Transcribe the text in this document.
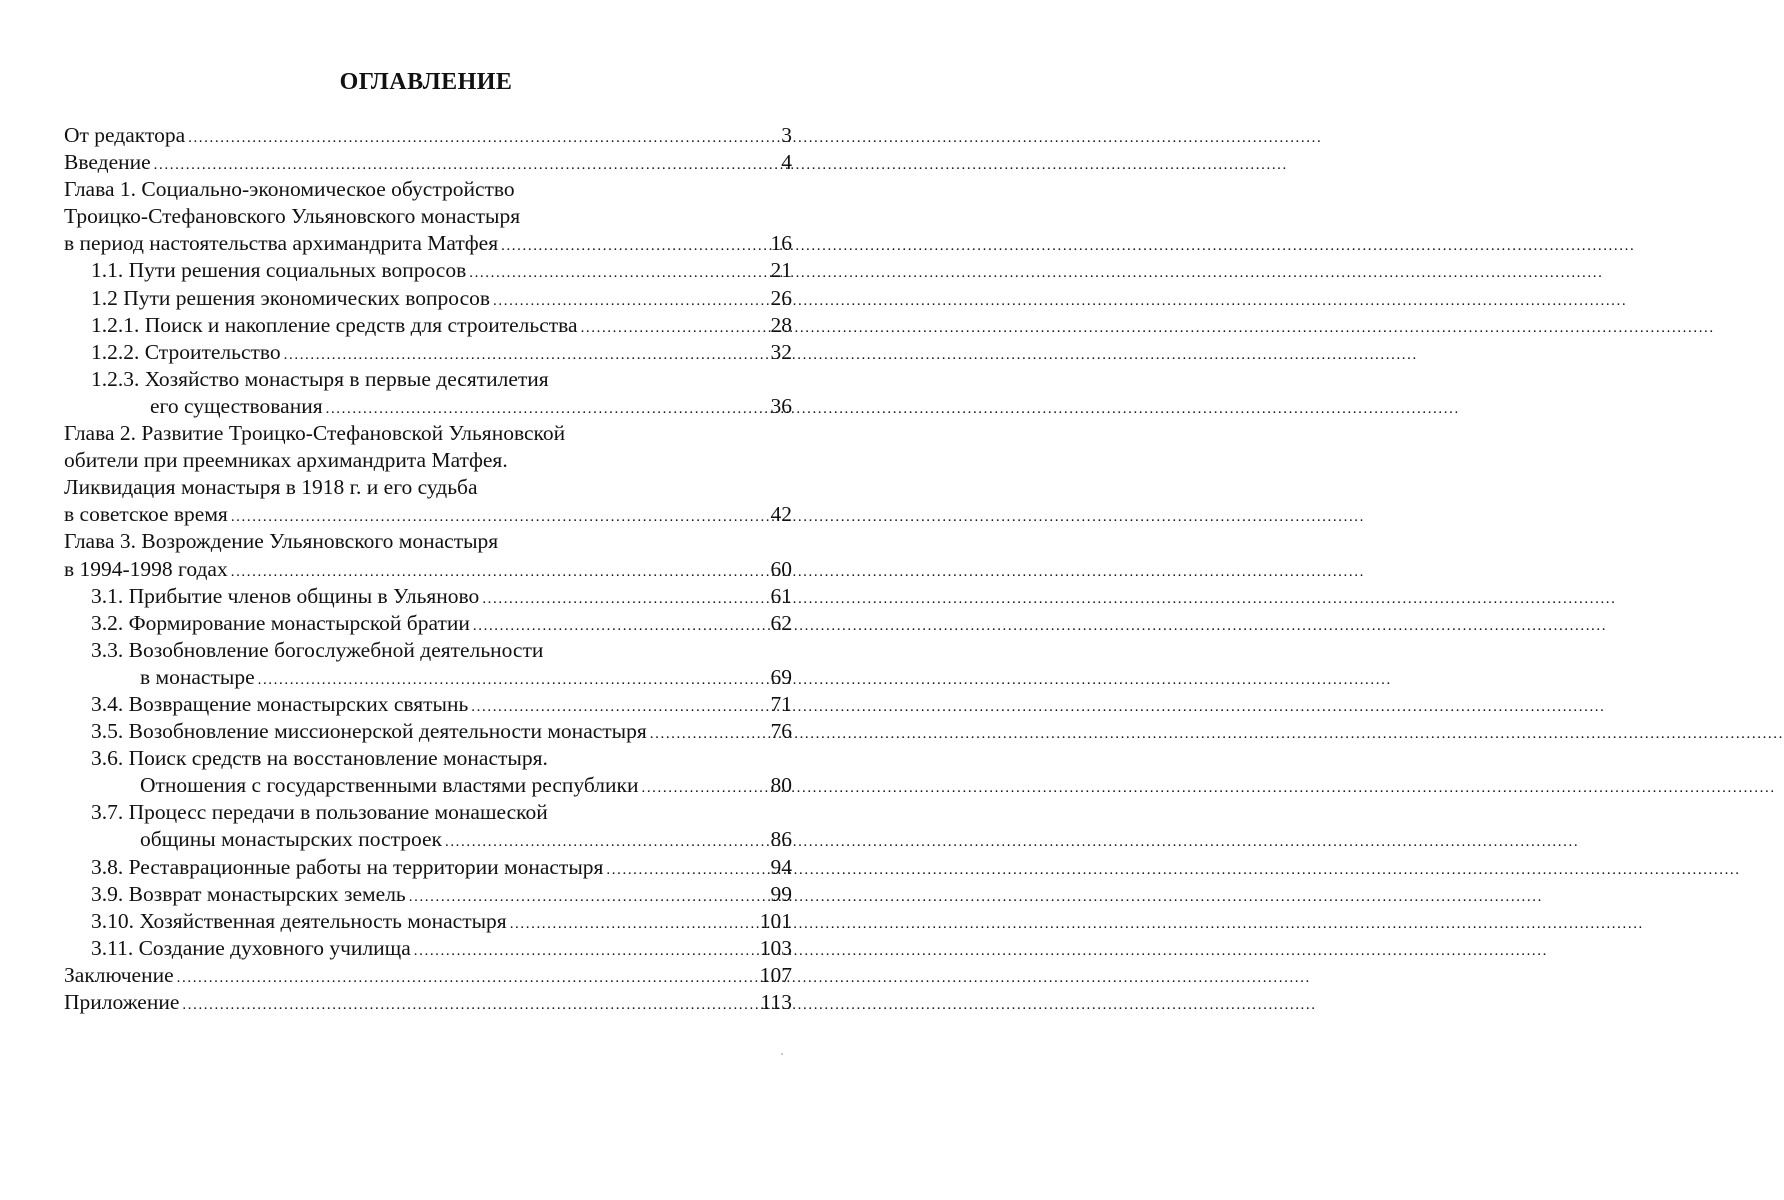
ОГЛАВЛЕНИЕ
От редактора .....	3
Введение .....	4
Глава 1. Социально-экономическое обустройство
Троицко-Стефановского Ульяновского монастыря
в период настоятельства архимандрита Матфея .....	16
1.1. Пути решения социальных вопросов .....	21
1.2 Пути решения экономических вопросов .....	26
1.2.1. Поиск и накопление средств для строительства .....	28
1.2.2. Строительство .....	32
1.2.3. Хозяйство монастыря в первые десятилетия
его существования .....	36
Глава 2. Развитие Троицко-Стефановской Ульяновской
обители при преемниках архимандрита Матфея.
Ликвидация монастыря в 1918 г. и его судьба
в советское время .....	42
Глава 3. Возрождение Ульяновского монастыря
в 1994-1998 годах .....	60
3.1. Прибытие членов общины в Ульяново .....	61
3.2. Формирование монастырской братии .....	62
3.3. Возобновление богослужебной деятельности
в монастыре .....	69
3.4. Возвращение монастырских святынь .....	71
3.5. Возобновление миссионерской деятельности монастыря .....	76
3.6. Поиск средств на восстановление монастыря.
Отношения с государственными властями республики .....	80
3.7. Процесс передачи в пользование монашеской
общины монастырских построек .....	86
3.8. Реставрационные работы на территории монастыря .....	94
3.9. Возврат монастырских земель .....	99
3.10. Хозяйственная деятельность монастыря .....	101
3.11. Создание духовного училища .....	103
Заключение .....	107
Приложение .....	113
